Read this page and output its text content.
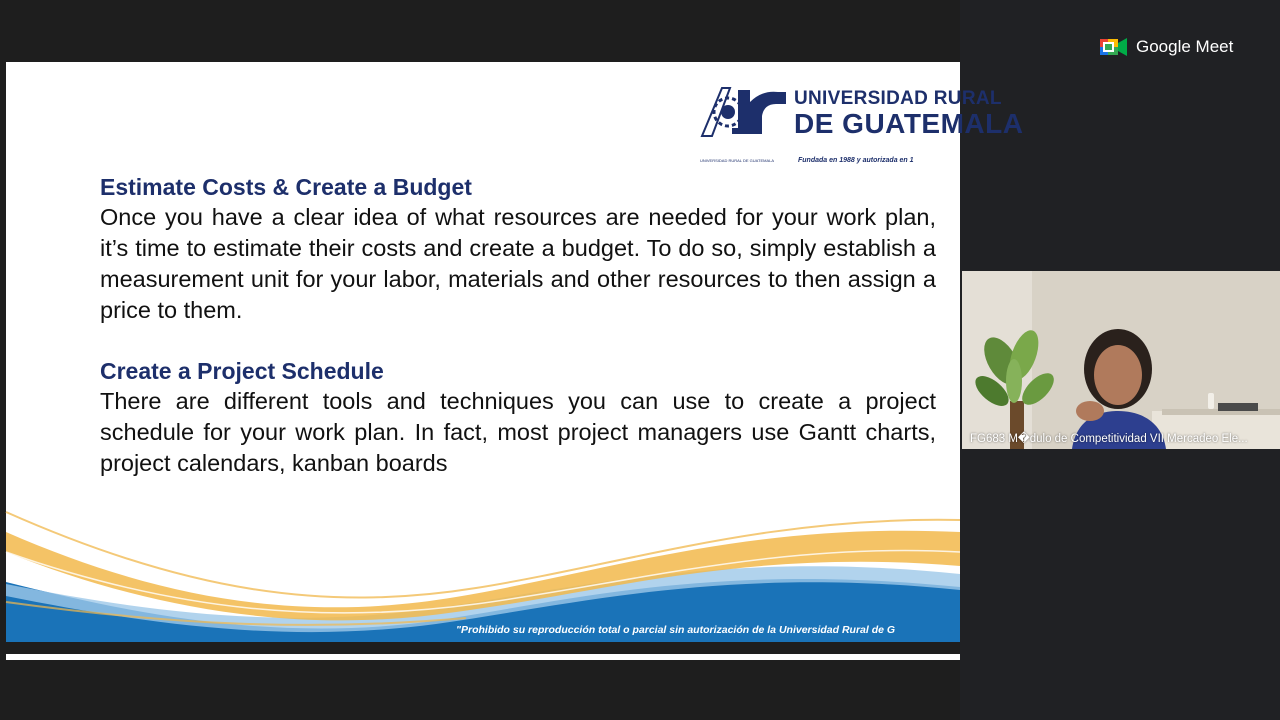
UNIVERSIDAD RURAL
DE GUATEMALA
UNIVERSIDAD RURAL DE GUATEMALA	Fundada en 1988 y autorizada en 1
Estimate Costs & Create a Budget

Once you have a clear idea of what resources are needed for your work plan, it’s time to estimate their costs and create a budget. To do so, simply establish a measurement unit for your labor, materials and other resources to then assign a price to them.

Create a Project Schedule

There are different tools and techniques you can use to create a project schedule for your work plan. In fact, most project managers use Gantt charts, project calendars, kanban boards

"Prohibido su reproducción total o parcial sin autorización de la Universidad Rural de G
Google Meet
FG683 M�dulo de Competitividad VII Mercadeo Ele...
